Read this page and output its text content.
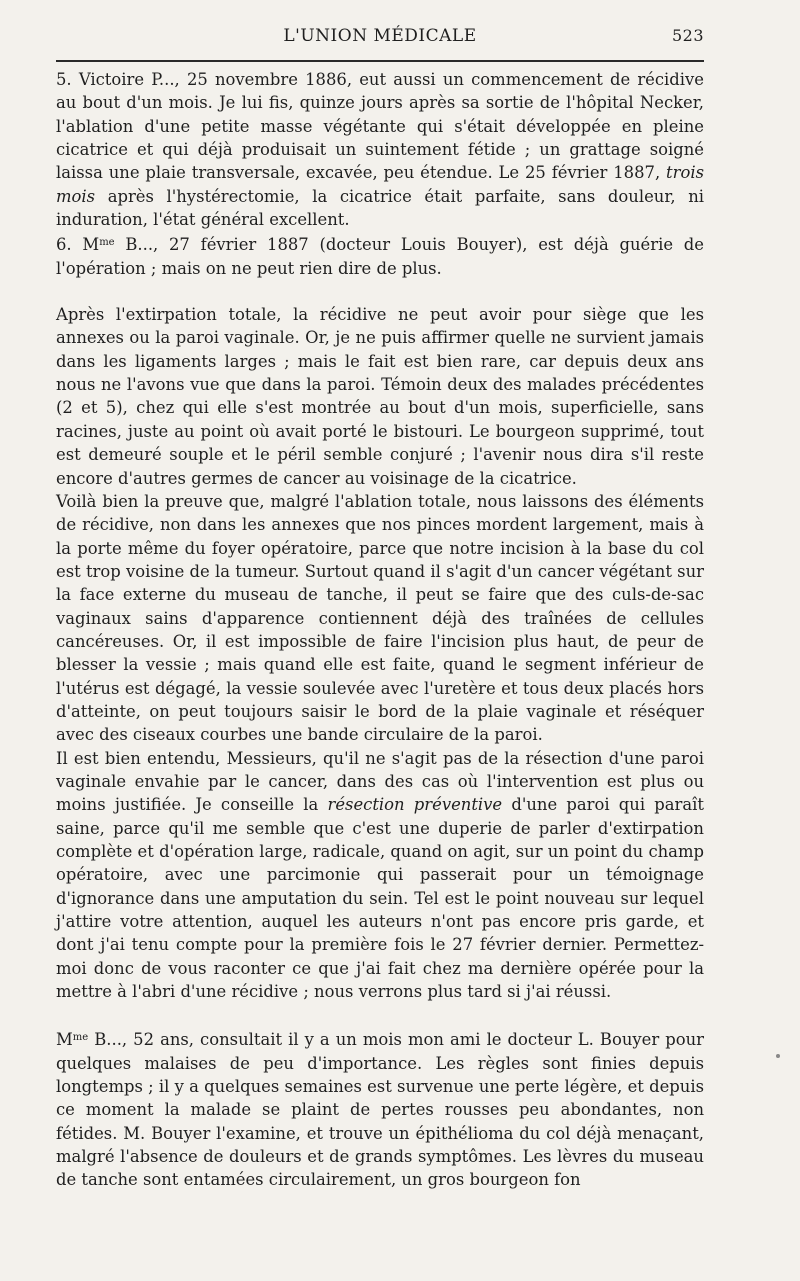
L'UNION MÉDICALE	523

5. Victoire P..., 25 novembre 1886, eut aussi un commencement de récidive au bout d'un mois. Je lui fis, quinze jours après sa sortie de l'hôpital Necker, l'ablation d'une petite masse végétante qui s'était développée en pleine cicatrice et qui déjà produisait un suintement fétide ; un grattage soigné laissa une plaie transversale, excavée, peu étendue. Le 25 février 1887, trois mois après l'hystérectomie, la cicatrice était parfaite, sans douleur, ni induration, l'état général excellent.

6. $M^{me}$ B..., 27 février 1887 (docteur Louis Bouyer), est déjà guérie de l'opération ; mais on ne peut rien dire de plus.

Après l'extirpation totale, la récidive ne peut avoir pour siège que les annexes ou la paroi vaginale. Or, je ne puis affirmer quelle ne survient jamais dans les ligaments larges ; mais le fait est bien rare, car depuis deux ans nous ne l'avons vue que dans la paroi. Témoin deux des malades précédentes (2 et 5), chez qui elle s'est montrée au bout d'un mois, superficielle, sans racines, juste au point où avait porté le bistouri. Le bourgeon supprimé, tout est demeuré souple et le péril semble conjuré ; l'avenir nous dira s'il reste encore d'autres germes de cancer au voisinage de la cicatrice.

Voilà bien la preuve que, malgré l'ablation totale, nous laissons des éléments de récidive, non dans les annexes que nos pinces mordent largement, mais à la porte même du foyer opératoire, parce que notre incision à la base du col est trop voisine de la tumeur. Surtout quand il s'agit d'un cancer végétant sur la face externe du museau de tanche, il peut se faire que des culs-de-sac vaginaux sains d'apparence contiennent déjà des traînées de cellules cancéreuses. Or, il est impossible de faire l'incision plus haut, de peur de blesser la vessie ; mais quand elle est faite, quand le segment inférieur de l'utérus est dégagé, la vessie soulevée avec l'uretère et tous deux placés hors d'atteinte, on peut toujours saisir le bord de la plaie vaginale et réséquer avec des ciseaux courbes une bande circulaire de la paroi.

Il est bien entendu, Messieurs, qu'il ne s'agit pas de la résection d'une paroi vaginale envahie par le cancer, dans des cas où l'intervention est plus ou moins justifiée. Je conseille la résection préventive d'une paroi qui paraît saine, parce qu'il me semble que c'est une duperie de parler d'extirpation complète et d'opération large, radicale, quand on agit, sur un point du champ opératoire, avec une parcimonie qui passerait pour un témoignage d'ignorance dans une amputation du sein. Tel est le point nouveau sur lequel j'attire votre attention, auquel les auteurs n'ont pas encore pris garde, et dont j'ai tenu compte pour la première fois le 27 février dernier. Permettez-moi donc de vous raconter ce que j'ai fait chez ma dernière opérée pour la mettre à l'abri d'une récidive ; nous verrons plus tard si j'ai réussi.

$M^{me}$ B..., 52 ans, consultait il y a un mois mon ami le docteur L. Bouyer pour quelques malaises de peu d'importance. Les règles sont finies depuis longtemps ; il y a quelques semaines est survenue une perte légère, et depuis ce moment la malade se plaint de pertes rousses peu abondantes, non fétides. M. Bouyer l'examine, et trouve un épithélioma du col déjà menaçant, malgré l'absence de douleurs et de grands symptômes. Les lèvres du museau de tanche sont entamées circulairement, un gros bourgeon fon
